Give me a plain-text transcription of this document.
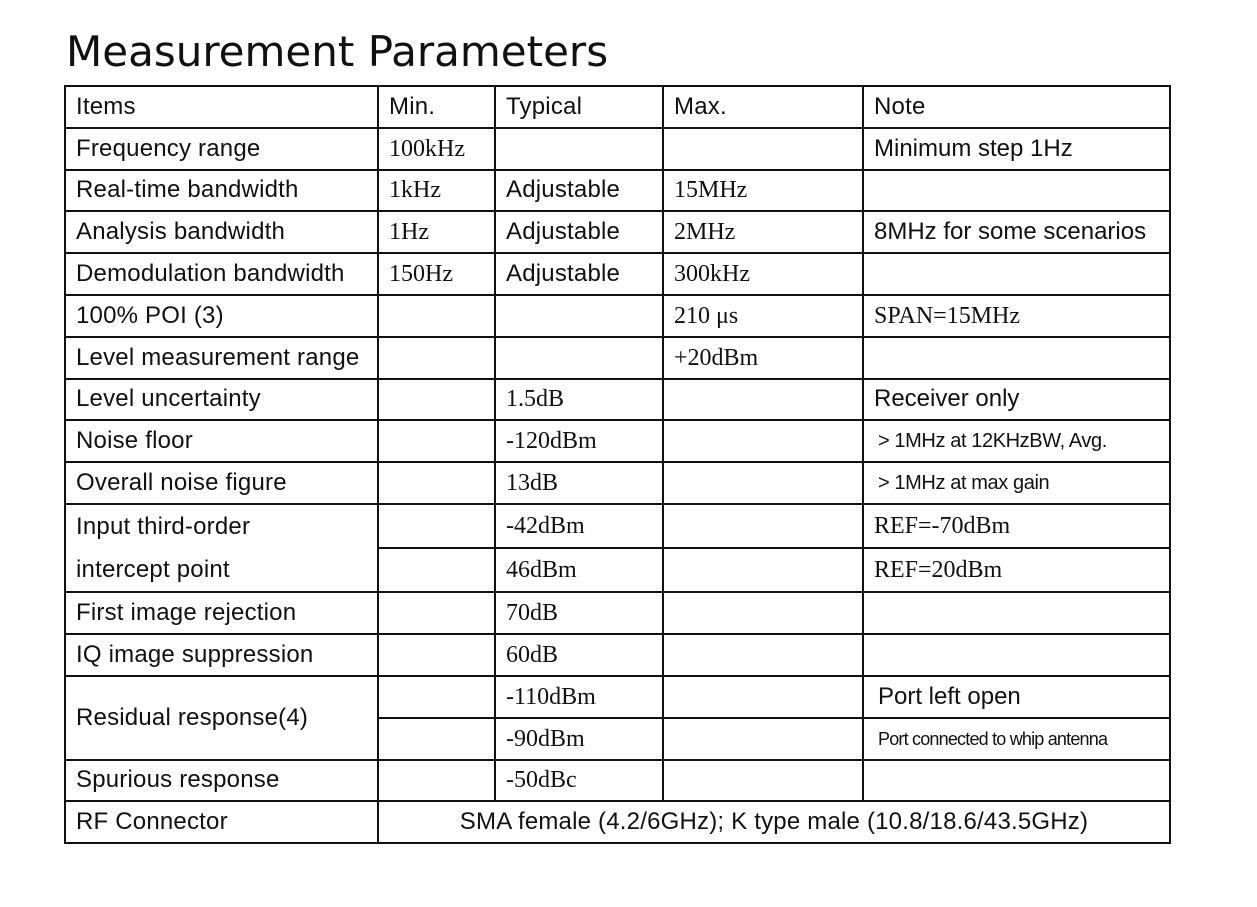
Measurement Parameters
Items	Min.	Typical	Max.	Note
Frequency range	100kHz			Minimum step 1Hz
Real-time bandwidth	1kHz	Adjustable	15MHz	
Analysis bandwidth	1Hz	Adjustable	2MHz	8MHz for some scenarios
Demodulation bandwidth	150Hz	Adjustable	300kHz	
100% POI (3)			210 μs	SPAN=15MHz
Level measurement range			+20dBm	
Level uncertainty		1.5dB		Receiver only
Noise floor		-120dBm		> 1MHz at 12KHzBW, Avg.
Overall noise figure		13dB		> 1MHz at max gain
Input third-order
intercept point		-42dBm		REF=-70dBm
		46dBm		REF=20dBm
First image rejection		70dB		
IQ image suppression		60dB		
Residual response(4)		-110dBm		Port left open
		-90dBm		Port connected to whip antenna
Spurious response		-50dBc		
RF Connector	SMA female (4.2/6GHz); K type male (10.8/18.6/43.5GHz)			
